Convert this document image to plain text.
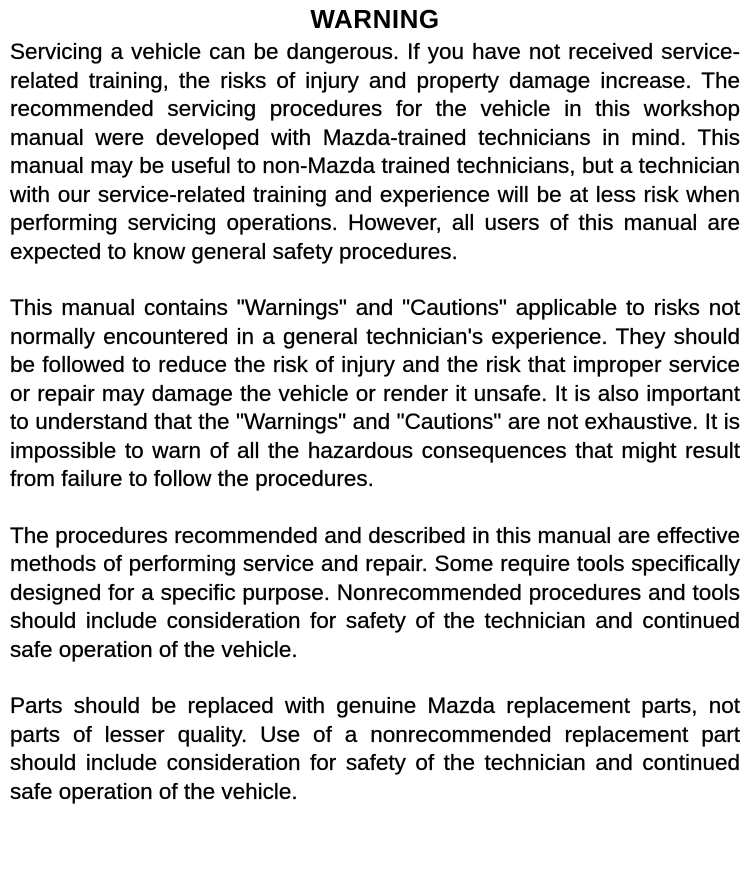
WARNING

Servicing a vehicle can be dangerous. If you have not received service-related training, the risks of injury and property damage increase. The recommended servicing procedures for the vehicle in this workshop manual were developed with Mazda-trained technicians in mind. This manual may be useful to non-Mazda trained technicians, but a technician with our service-related training and experience will be at less risk when performing servicing operations. However, all users of this manual are expected to know general safety procedures.

This manual contains "Warnings" and "Cautions" applicable to risks not normally encountered in a general technician's experience. They should be followed to reduce the risk of injury and the risk that improper service or repair may damage the vehicle or render it unsafe. It is also important to understand that the "Warnings" and "Cautions" are not exhaustive. It is impossible to warn of all the hazardous consequences that might result from failure to follow the procedures.

The procedures recommended and described in this manual are effective methods of performing service and repair. Some require tools specifically designed for a specific purpose. Nonrecommended procedures and tools should include consideration for safety of the technician and continued safe operation of the vehicle.

Parts should be replaced with genuine Mazda replacement parts, not parts of lesser quality. Use of a nonrecommended replacement part should include consideration for safety of the technician and continued safe operation of the vehicle.
